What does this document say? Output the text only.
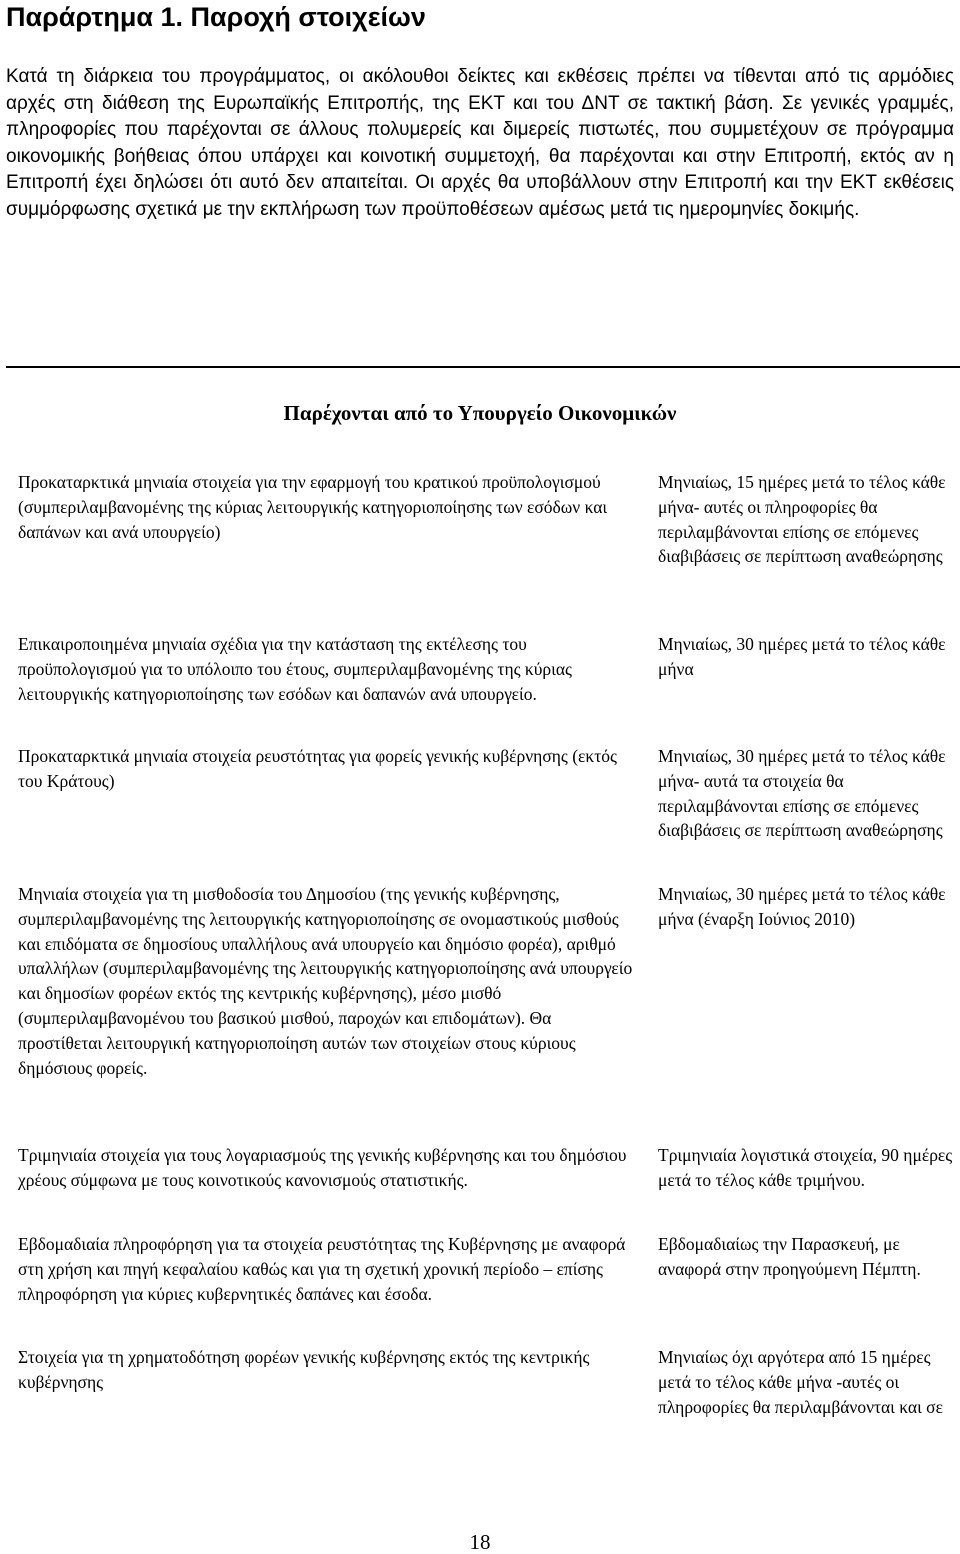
Παράρτημα 1. Παροχή στοιχείων

Κατά τη διάρκεια του προγράμματος, οι ακόλουθοι δείκτες και εκθέσεις πρέπει να τίθενται από τις αρμόδιες αρχές στη διάθεση της Ευρωπαϊκής Επιτροπής, της ΕΚΤ και του ΔΝΤ σε τακτική βάση. Σε γενικές γραμμές, πληροφορίες που παρέχονται σε άλλους πολυμερείς και διμερείς πιστωτές, που συμμετέχουν σε πρόγραμμα οικονομικής βοήθειας όπου υπάρχει και κοινοτική συμμετοχή, θα παρέχονται και στην Επιτροπή, εκτός αν η Επιτροπή έχει δηλώσει ότι αυτό δεν απαιτείται. Οι αρχές θα υποβάλλουν στην Επιτροπή και την ΕΚΤ εκθέσεις συμμόρφωσης σχετικά με την εκπλήρωση των προϋποθέσεων αμέσως μετά τις ημερομηνίες δοκιμής.

Παρέχονται από το Υπουργείο Οικονομικών
Προκαταρκτικά μηνιαία στοιχεία για την εφαρμογή του κρατικού προϋπολογισμού (συμπεριλαμβανομένης της κύριας λειτουργικής κατηγοριοποίησης των εσόδων και δαπάνων και ανά υπουργείο)
Μηνιαίως, 15 ημέρες μετά το τέλος κάθε μήνα- αυτές οι πληροφορίες θα περιλαμβάνονται επίσης σε επόμενες διαβιβάσεις σε περίπτωση αναθεώρησης
Επικαιροποιημένα μηνιαία σχέδια για την κατάσταση της εκτέλεσης του προϋπολογισμού για το υπόλοιπο του έτους, συμπεριλαμβανομένης της κύριας λειτουργικής κατηγοριοποίησης των εσόδων και δαπανών ανά υπουργείο.
Μηνιαίως, 30 ημέρες μετά το τέλος κάθε μήνα
Προκαταρκτικά μηνιαία στοιχεία ρευστότητας για φορείς γενικής κυβέρνησης (εκτός του Κράτους)
Μηνιαίως, 30 ημέρες μετά το τέλος κάθε μήνα- αυτά τα στοιχεία θα περιλαμβάνονται επίσης σε επόμενες διαβιβάσεις σε περίπτωση αναθεώρησης
Μηνιαία στοιχεία για τη μισθοδοσία του Δημοσίου (της γενικής κυβέρνησης, συμπεριλαμβανομένης της λειτουργικής κατηγοριοποίησης σε ονομαστικούς μισθούς και επιδόματα σε δημοσίους υπαλλήλους ανά υπουργείο και δημόσιο φορέα), αριθμό υπαλλήλων (συμπεριλαμβανομένης της λειτουργικής κατηγοριοποίησης ανά υπουργείο και δημοσίων φορέων εκτός της κεντρικής κυβέρνησης), μέσο μισθό (συμπεριλαμβανομένου του βασικού μισθού, παροχών και επιδομάτων). Θα προστίθεται λειτουργική κατηγοριοποίηση αυτών των στοιχείων στους κύριους δημόσιους φορείς.
Μηνιαίως, 30 ημέρες μετά το τέλος κάθε μήνα (έναρξη Ιούνιος 2010)
Τριμηνιαία στοιχεία για τους λογαριασμούς της γενικής κυβέρνησης και του δημόσιου χρέους σύμφωνα με τους κοινοτικούς κανονισμούς στατιστικής.
Τριμηνιαία λογιστικά στοιχεία, 90 ημέρες μετά το τέλος κάθε τριμήνου.
Εβδομαδιαία πληροφόρηση για τα στοιχεία ρευστότητας της Κυβέρνησης με αναφορά στη χρήση και πηγή κεφαλαίου καθώς και για τη σχετική χρονική περίοδο – επίσης πληροφόρηση για κύριες κυβερνητικές δαπάνες και έσοδα.
Εβδομαδιαίως την Παρασκευή, με αναφορά στην προηγούμενη Πέμπτη.
Στοιχεία για τη χρηματοδότηση φορέων γενικής κυβέρνησης εκτός της κεντρικής κυβέρνησης
Μηνιαίως όχι αργότερα από 15 ημέρες μετά το τέλος κάθε μήνα -αυτές οι πληροφορίες θα περιλαμβάνονται και σε
18
